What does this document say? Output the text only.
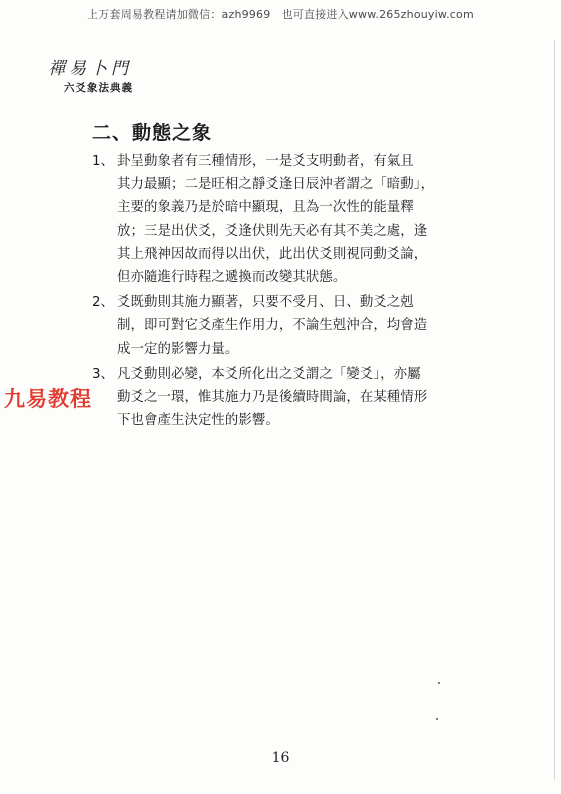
上万套周易教程请加微信：azh9969　也可直接进入www.265zhouyiw.com
禪易卜門
六爻象法典義
二、動態之象
1、 卦呈動象者有三種情形，一是爻支明動者，有氣且
其力最顯；二是旺相之靜爻逢日辰沖者謂之「暗動」，
主要的象義乃是於暗中顯現，且為一次性的能量釋
放；三是出伏爻，爻逢伏則先天必有其不美之處，逢
其上飛神因故而得以出伏，此出伏爻則視同動爻論，
但亦隨進行時程之遞換而改變其狀態。
2、 爻既動則其施力顯著，只要不受月、日、動爻之剋
制，即可對它爻產生作用力，不論生剋沖合，均會造
成一定的影響力量。
3、 凡爻動則必變，本爻所化出之爻謂之「變爻」，亦屬
動爻之一環，惟其施力乃是後續時間論，在某種情形
下也會產生決定性的影響。
九易教程
16
